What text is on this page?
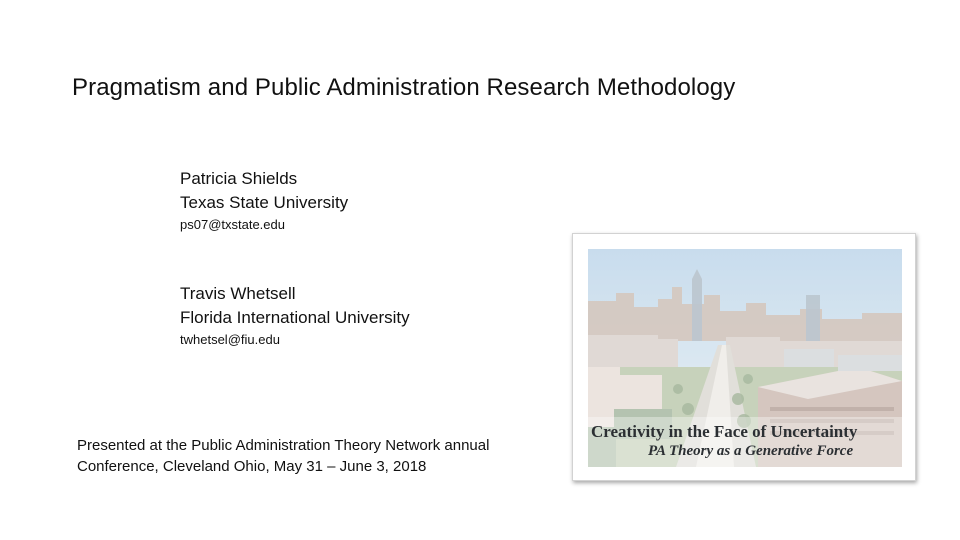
Pragmatism and Public Administration Research Methodology
Patricia Shields
Texas State University
ps07@txstate.edu
Travis Whetsell
Florida International University
twhetsel@fiu.edu
Presented at the Public Administration Theory Network annual
Conference, Cleveland Ohio, May 31 – June 3, 2018
Creativity in the Face of Uncertainty
PA Theory as a Generative Force
